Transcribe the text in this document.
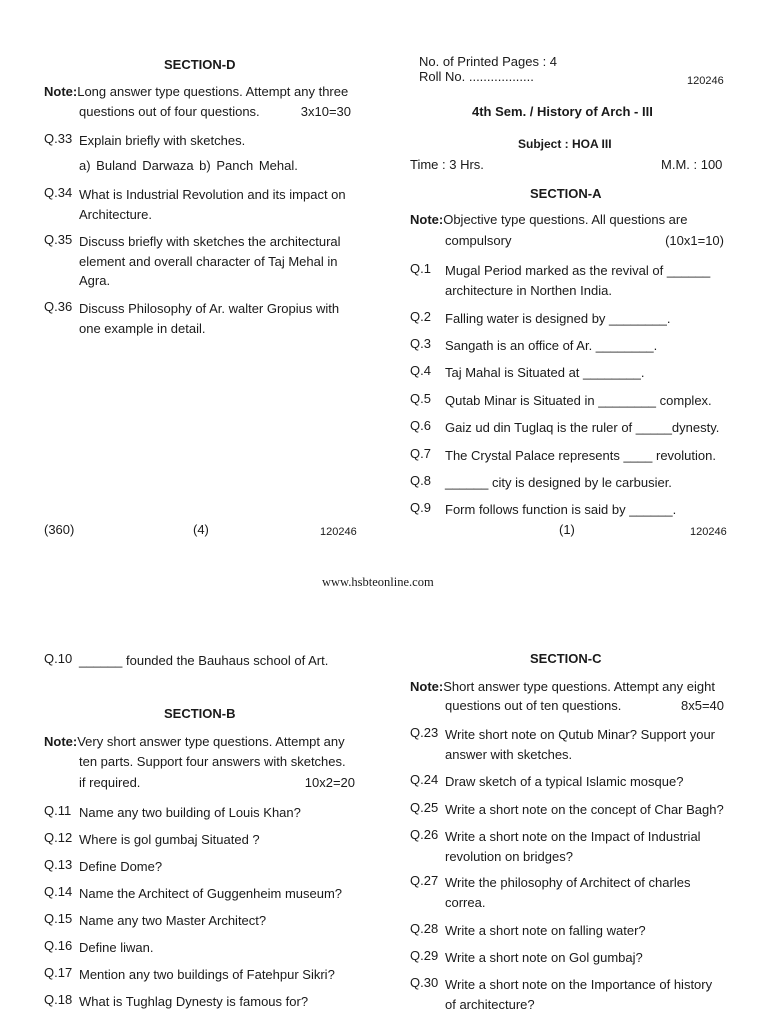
SECTION-D
Note:Long answer type questions. Attempt any three
questions out of four questions.	3x10=30
Q.33 Explain briefly with sketches.
a) Buland Darwaza b) Panch Mehal.
Q.34 What is Industrial Revolution and its impact on
Architecture.
Q.35 Discuss briefly with sketches the architectural
element and overall character of Taj Mehal in
Agra.
Q.36 Discuss Philosophy of Ar. walter Gropius with
one example in detail.
(360)	(4)	120246
No. of Printed Pages : 4
Roll No. ..................	120246
4th Sem. / History of Arch - III
Subject : HOA III
Time : 3 Hrs.	M.M. : 100
SECTION-A
Note:Objective type questions. All questions are
compulsory	(10x1=10)
Q.1 Mugal Period marked as the revival of ______
architecture in Northen India.
Q.2 Falling water is designed by ________.
Q.3 Sangath is an office of Ar. ________.
Q.4 Taj Mahal is Situated at ________.
Q.5 Qutab Minar is Situated in ________ complex.
Q.6 Gaiz ud din Tuglaq is the ruler of _____dynesty.
Q.7 The Crystal Palace represents ____ revolution.
Q.8 ______ city is designed by le carbusier.
Q.9 Form follows function is said by ______.
(1)	120246
www.hsbteonline.com
Q.10 ______ founded the Bauhaus school of Art.
SECTION-B
Note:Very short answer type questions. Attempt any
ten parts. Support four answers with sketches.
if required.	10x2=20
Q.11 Name any two building of Louis Khan?
Q.12 Where is gol gumbaj Situated ?
Q.13 Define Dome?
Q.14 Name the Architect of Guggenheim museum?
Q.15 Name any two Master Architect?
Q.16 Define liwan.
Q.17 Mention any two buildings of Fatehpur Sikri?
Q.18 What is Tughlag Dynesty is famous for?
SECTION-C
Note:Short answer type questions. Attempt any eight
questions out of ten questions.	8x5=40
Q.23 Write short note on Qutub Minar? Support your
answer with sketches.
Q.24 Draw sketch of a typical Islamic mosque?
Q.25 Write a short note on the concept of Char Bagh?
Q.26 Write a short note on the Impact of Industrial
revolution on bridges?
Q.27 Write the philosophy of Architect of charles
correa.
Q.28 Write a short note on falling water?
Q.29 Write a short note on Gol gumbaj?
Q.30 Write a short note on the Importance of history
of architecture?
